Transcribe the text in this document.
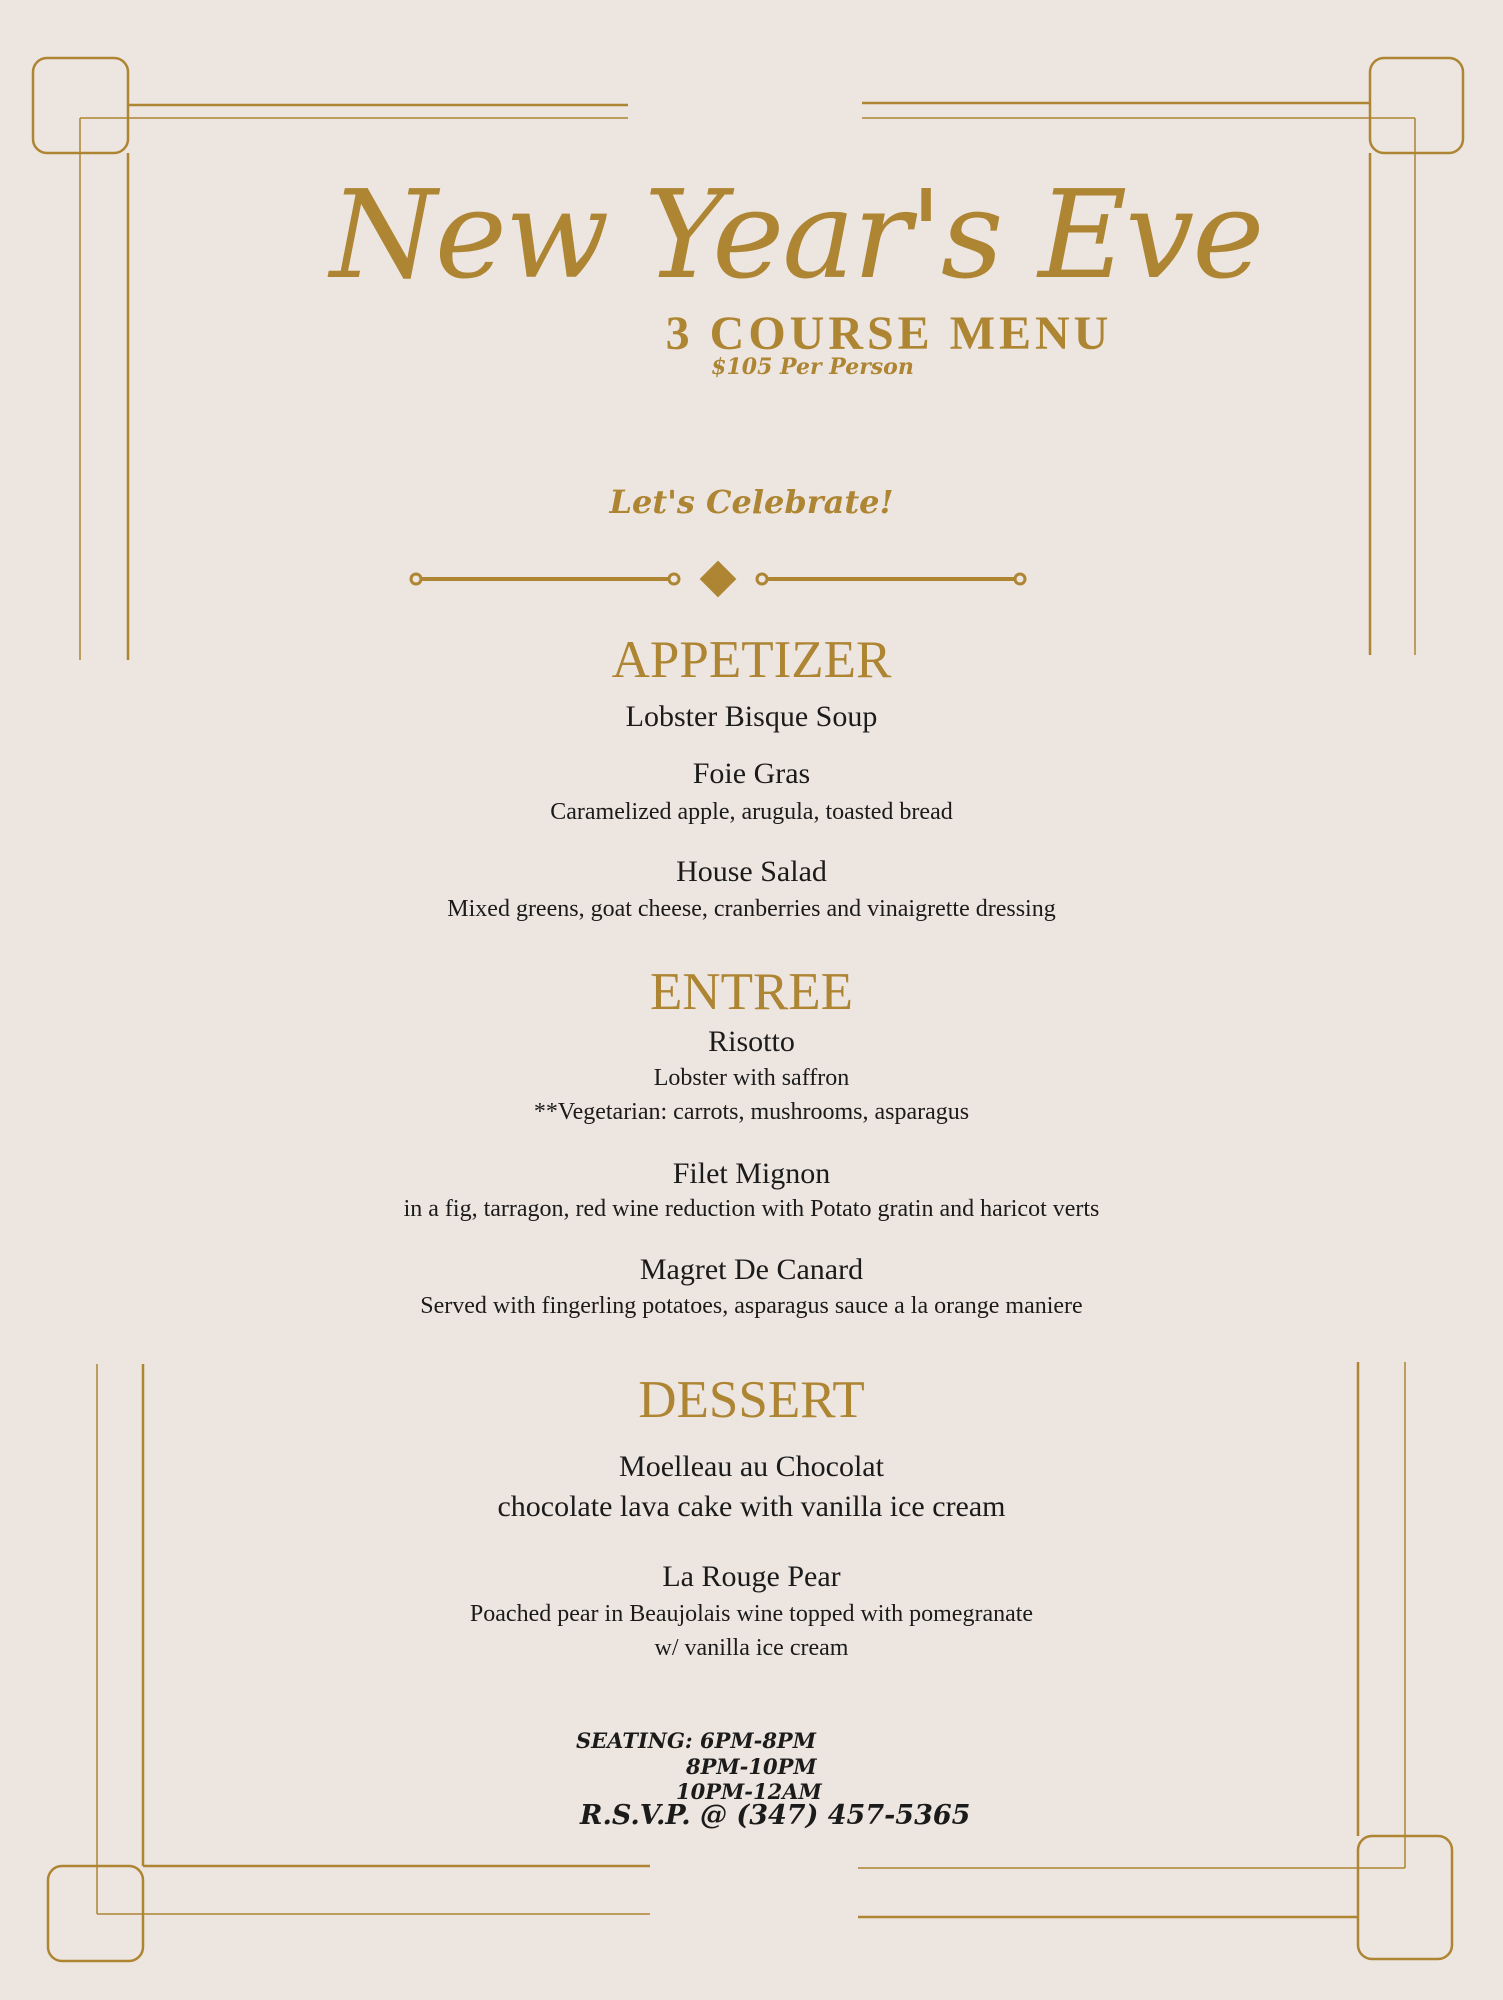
New Year's Eve
3 COURSE MENU
$105 Per Person
Let's Celebrate!
APPETIZER
Lobster Bisque Soup
Foie Gras
Caramelized apple, arugula, toasted bread
House Salad
Mixed greens, goat cheese, cranberries and vinaigrette dressing
ENTREE
Risotto
Lobster with saffron
**Vegetarian: carrots, mushrooms, asparagus
Filet Mignon
in a fig, tarragon, red wine reduction with Potato gratin and haricot verts
Magret De Canard
Served with fingerling potatoes, asparagus sauce a la orange maniere
DESSERT
Moelleau au Chocolat
chocolate lava cake with vanilla ice cream
La Rouge Pear
Poached pear in Beaujolais wine topped with pomegranate
w/ vanilla ice cream
SEATING: 6PM-8PM
8PM-10PM
10PM-12AM
R.S.V.P. @ (347) 457-5365
